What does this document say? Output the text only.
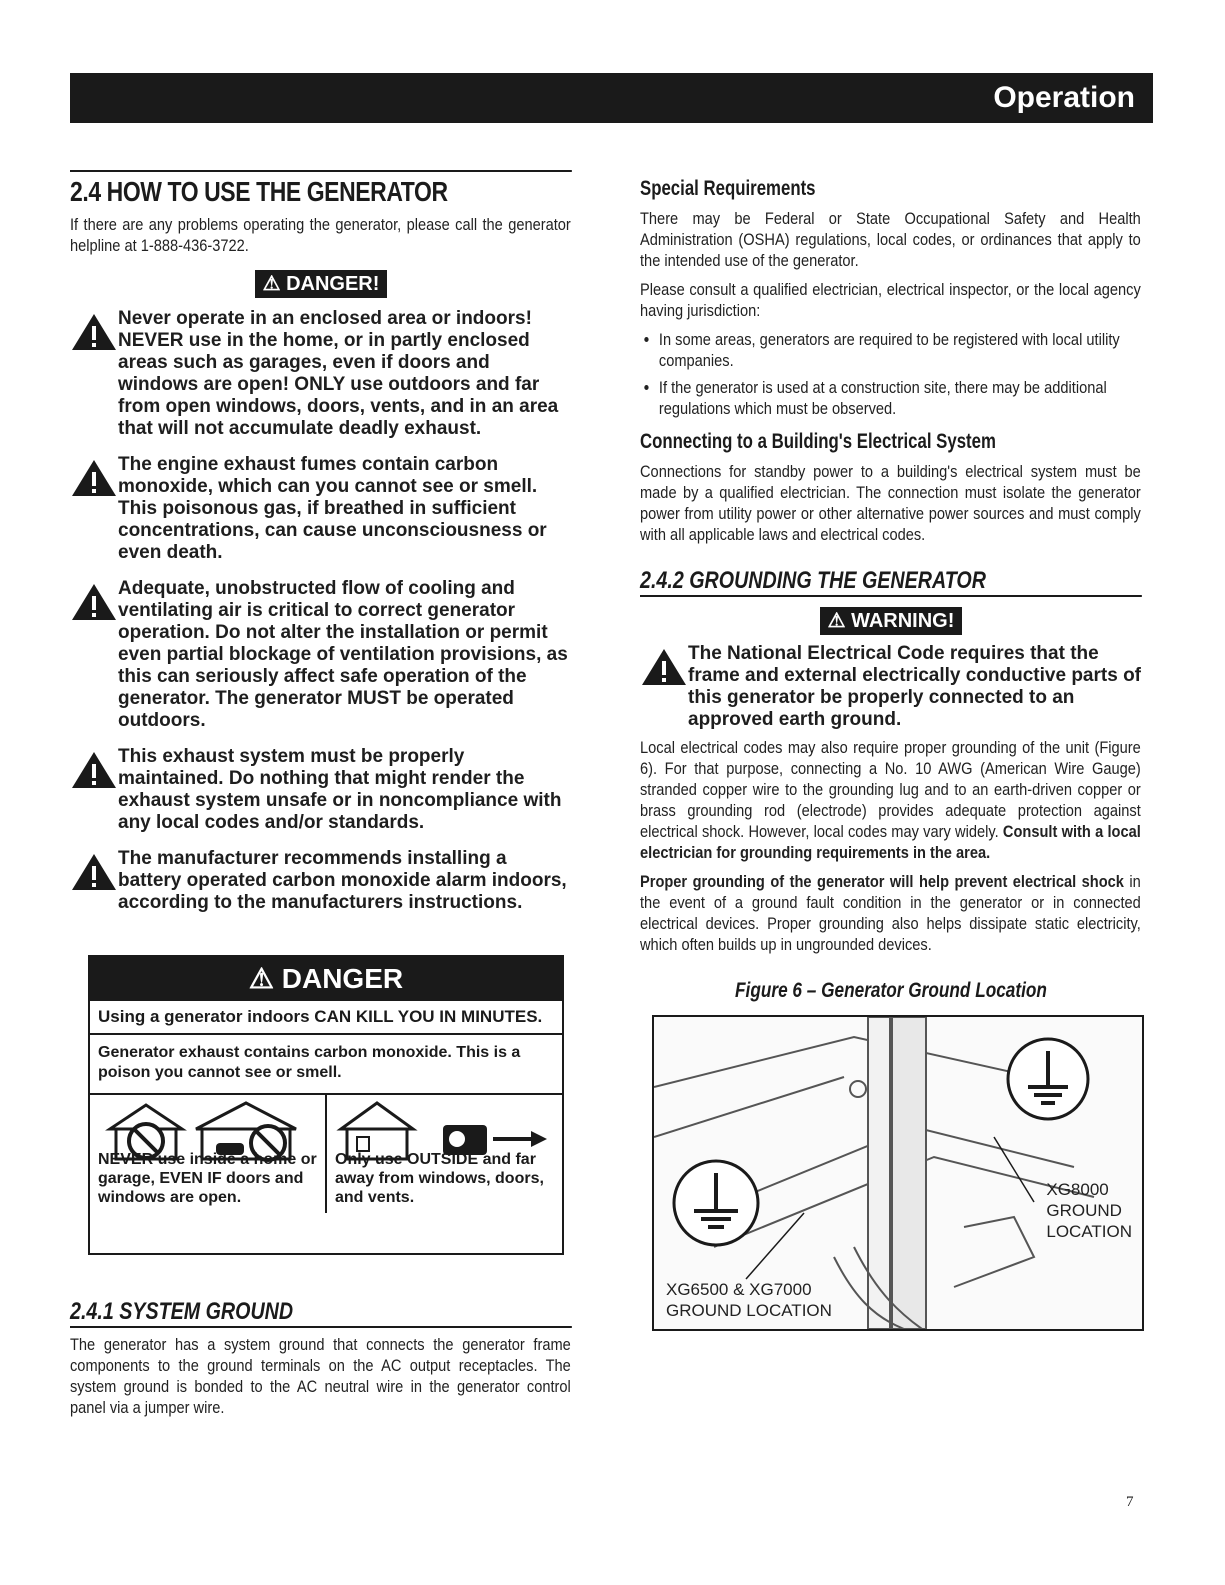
Operation
2.4 HOW TO USE THE GENERATOR

If there are any problems operating the generator, please call the generator helpline at 1-888-436-3722.

⚠ DANGER!
Never operate in an enclosed area or indoors! NEVER use in the home, or in partly enclosed areas such as garages, even if doors and windows are open! ONLY use outdoors and far from open windows, doors, vents, and in an area that will not accumulate deadly exhaust.
The engine exhaust fumes contain carbon monoxide, which can you cannot see or smell. This poisonous gas, if breathed in sufficient concentrations, can cause unconsciousness or even death.
Adequate, unobstructed flow of cooling and ventilating air is critical to correct generator operation. Do not alter the installation or permit even partial blockage of ventilation provisions, as this can seriously affect safe operation of the generator. The generator MUST be operated outdoors.
This exhaust system must be properly maintained. Do nothing that might render the exhaust system unsafe or in noncompliance with any local codes and/or standards.
The manufacturer recommends installing a battery operated carbon monoxide alarm indoors, according to the manufacturers instructions.
⚠ DANGER
Using a generator indoors CAN KILL YOU IN MINUTES.
Generator exhaust contains carbon monoxide. This is a poison you cannot see or smell.
NEVER use inside a home or garage, EVEN IF doors and windows are open.
Only use OUTSIDE and far away from windows, doors, and vents.
2.4.1 SYSTEM GROUND

The generator has a system ground that connects the generator frame components to the ground terminals on the AC output receptacles. The system ground is bonded to the AC neutral wire in the generator control panel via a jumper wire.

Special Requirements

There may be Federal or State Occupational Safety and Health Administration (OSHA) regulations, local codes, or ordinances that apply to the intended use of the generator.

Please consult a qualified electrician, electrical inspector, or the local agency having jurisdiction:

• In some areas, generators are required to be registered with local utility companies.
• If the generator is used at a construction site, there may be additional regulations which must be observed.
Connecting to a Building's Electrical System

Connections for standby power to a building's electrical system must be made by a qualified electrician. The connection must isolate the generator power from utility power or other alternative power sources and must comply with all applicable laws and electrical codes.

2.4.2 GROUNDING THE GENERATOR
⚠ WARNING!
The National Electrical Code requires that the frame and external electrically conductive parts of this generator be properly connected to an approved earth ground.

Local electrical codes may also require proper grounding of the unit (Figure 6). For that purpose, connecting a No. 10 AWG (American Wire Gauge) stranded copper wire to the grounding lug and to an earth-driven copper or brass grounding rod (electrode) provides adequate protection against electrical shock. However, local codes may vary widely. Consult with a local electrician for grounding requirements in the area.

Proper grounding of the generator will help prevent electrical shock in the event of a ground fault condition in the generator or in connected electrical devices. Proper grounding also helps dissipate static electricity, which often builds up in ungrounded devices.

Figure 6 – Generator Ground Location
XG8000
GROUND
LOCATION
XG6500 & XG7000
GROUND LOCATION
7
